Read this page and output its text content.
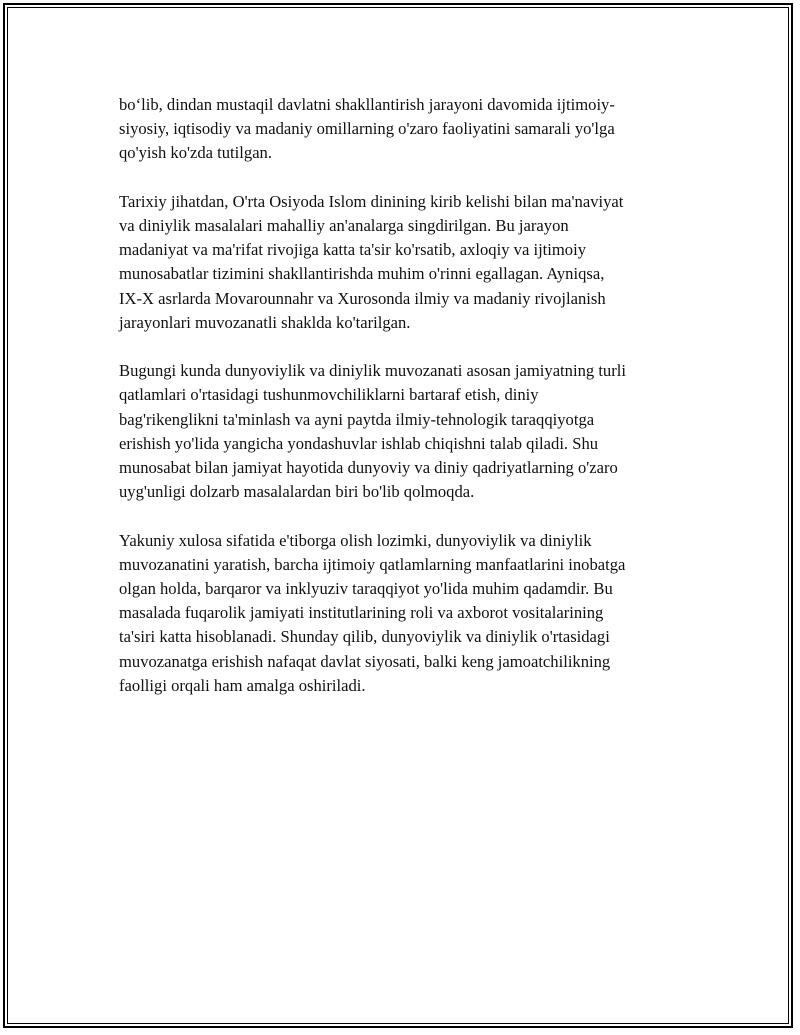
bo‘lib, dindan mustaqil davlatni shakllantirish jarayoni davomida ijtimoiy-
siyosiy, iqtisodiy va madaniy omillarning o'zaro faoliyatini samarali yo'lga
qo'yish ko'zda tutilgan.

Tarixiy jihatdan, O'rta Osiyoda Islom dinining kirib kelishi bilan ma'naviyat
va diniylik masalalari mahalliy an'analarga singdirilgan. Bu jarayon
madaniyat va ma'rifat rivojiga katta ta'sir ko'rsatib, axloqiy va ijtimoiy
munosabatlar tizimini shakllantirishda muhim o'rinni egallagan. Ayniqsa,
IX-X asrlarda Movarounnahr va Xurosonda ilmiy va madaniy rivojlanish
jarayonlari muvozanatli shaklda ko'tarilgan.

Bugungi kunda dunyoviylik va diniylik muvozanati asosan jamiyatning turli
qatlamlari o'rtasidagi tushunmovchiliklarni bartaraf etish, diniy
bag'rikenglikni ta'minlash va ayni paytda ilmiy-tehnologik taraqqiyotga
erishish yo'lida yangicha yondashuvlar ishlab chiqishni talab qiladi. Shu
munosabat bilan jamiyat hayotida dunyoviy va diniy qadriyatlarning o'zaro
uyg'unligi dolzarb masalalardan biri bo'lib qolmoqda.

Yakuniy xulosa sifatida e'tiborga olish lozimki, dunyoviylik va diniylik
muvozanatini yaratish, barcha ijtimoiy qatlamlarning manfaatlarini inobatga
olgan holda, barqaror va inklyuziv taraqqiyot yo'lida muhim qadamdir. Bu
masalada fuqarolik jamiyati institutlarining roli va axborot vositalarining
ta'siri katta hisoblanadi. Shunday qilib, dunyoviylik va diniylik o'rtasidagi
muvozanatga erishish nafaqat davlat siyosati, balki keng jamoatchilikning
faolligi orqali ham amalga oshiriladi.
